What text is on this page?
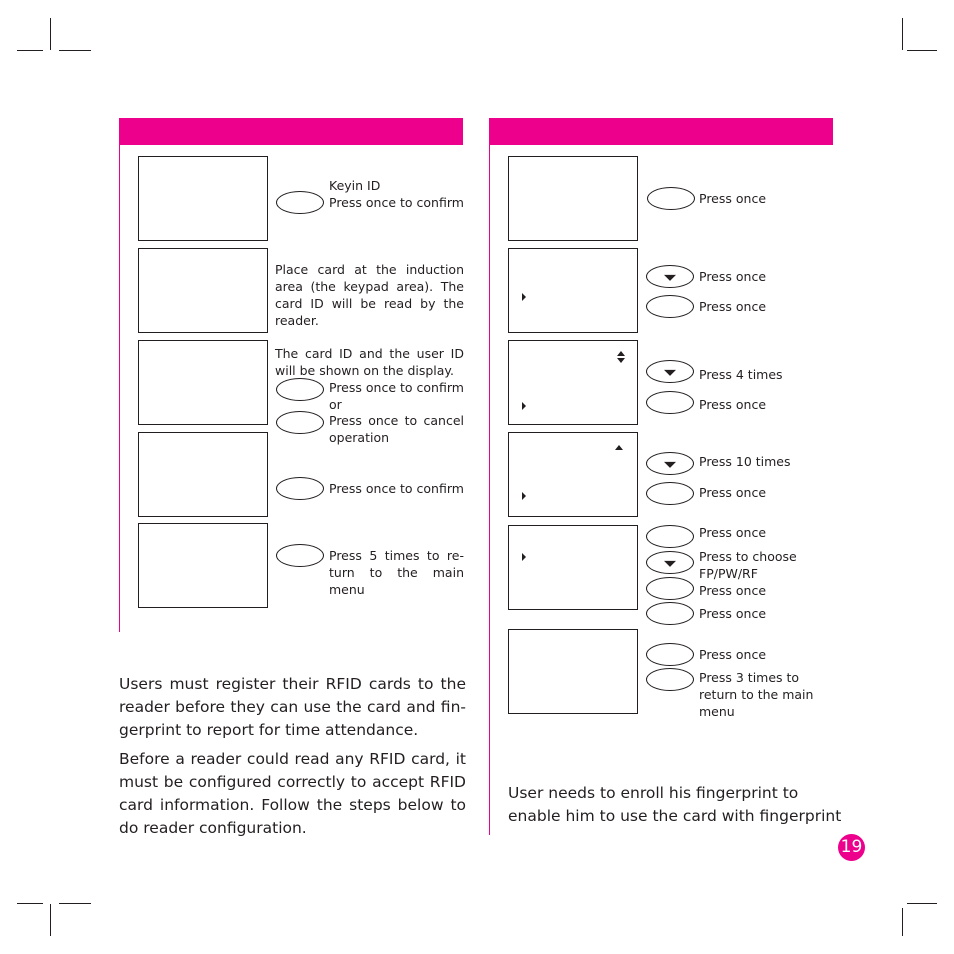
Keyin ID
Press once to confirm
Place card at the induction area (the keypad area). The card ID will be read by the reader.
The card ID and the user ID will be shown on the display.
Press once to confirm
or
Press once to cancel operation
Press once to confirm
Press 5 times to re-turn to the main menu
Users must register their RFID cards to the reader before they can use the card and fin-gerprint to report for time attendance.
Before a reader could read any RFID card, it must be configured correctly to accept RFID card information. Follow the steps below to do reader configuration.
Press once
Press once
Press once
Press 4 times
Press once
Press 10 times
Press once
Press once
Press to choose FP/PW/RF
Press once
Press once
Press once
Press 3 times to return to the main menu
User needs to enroll his fingerprint to enable him to use the card with fingerprint
19
